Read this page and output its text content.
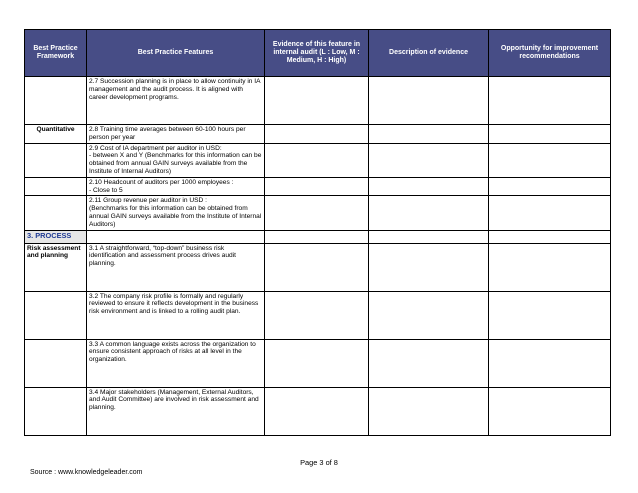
Best Practice Framework	Best Practice Features	Evidence of this feature in internal audit (L : Low, M : Medium, H : High)	Description of evidence	Opportunity for improvement recommendations
	2.7 Succession planning is in place to allow continuity in IA management and the audit process. It is aligned with career development programs.			
Quantitative	2.8 Training time averages between 60-100 hours per person per year			
	2.9 Cost of IA department per auditor in USD:
- between X and Y (Benchmarks for this information can be obtained from annual GAIN surveys available from the Institute of Internal Auditors)			
	2.10 Headcount of auditors per 1000 employees :
- Close to 5			
	2.11 Group revenue per auditor in USD :
(Benchmarks for this information can be obtained from annual GAIN surveys available from the Institute of Internal Auditors)			
3. PROCESS				
Risk assessment and planning	3.1 A straightforward, “top-down” business risk identification and assessment process drives audit planning.			
	3.2 The company risk profile is formally and regularly reviewed to ensure it reflects development in the business risk environment and is linked to a rolling audit plan.			
	3.3 A common language exists across the organization to ensure consistent approach of risks at all level in the organization.			
	3.4 Major stakeholders (Management, External Auditors, and Audit Committee) are involved in risk assessment and planning.			
Page 3 of 8
Source : www.knowledgeleader.com
